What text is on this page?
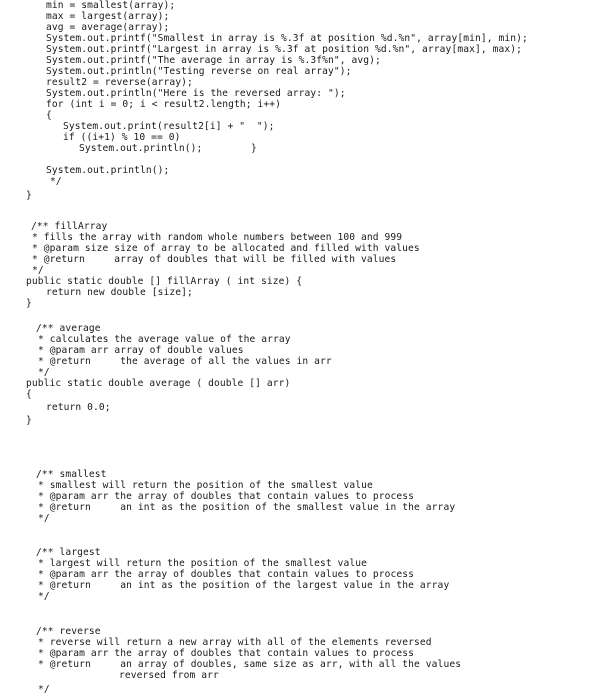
min = smallest(array);
max = largest(array);
avg = average(array);
System.out.printf("Smallest in array is %.3f at position %d.%n", array[min], min);
System.out.printf("Largest in array is %.3f at position %d.%n", array[max], max);
System.out.printf("The average in array is %.3f%n", avg);
System.out.println("Testing reverse on real array");
result2 = reverse(array);
System.out.println("Here is the reversed array: ");
for (int i = 0; i < result2.length; i++)
{
System.out.print(result2[i] + "  ");
if ((i+1) % 10 == 0)
System.out.println();	}
System.out.println();
*/
}
/** fillArray
* fills the array with random whole numbers between 100 and 999
* @param size size of array to be allocated and filled with values
* @return     array of doubles that will be filled with values
*/
public static double [] fillArray ( int size) {
return new double [size];
}
/** average
* calculates the average value of the array
* @param arr array of double values
* @return     the average of all the values in arr
*/
public static double average ( double [] arr)
{
return 0.0;
}
/** smallest
* smallest will return the position of the smallest value
* @param arr the array of doubles that contain values to process
* @return     an int as the position of the smallest value in the array
*/
/** largest
* largest will return the position of the smallest value
* @param arr the array of doubles that contain values to process
* @return     an int as the position of the largest value in the array
*/
/** reverse
* reverse will return a new array with all of the elements reversed
* @param arr the array of doubles that contain values to process
* @return     an array of doubles, same size as arr, with all the values
reversed from arr
*/
